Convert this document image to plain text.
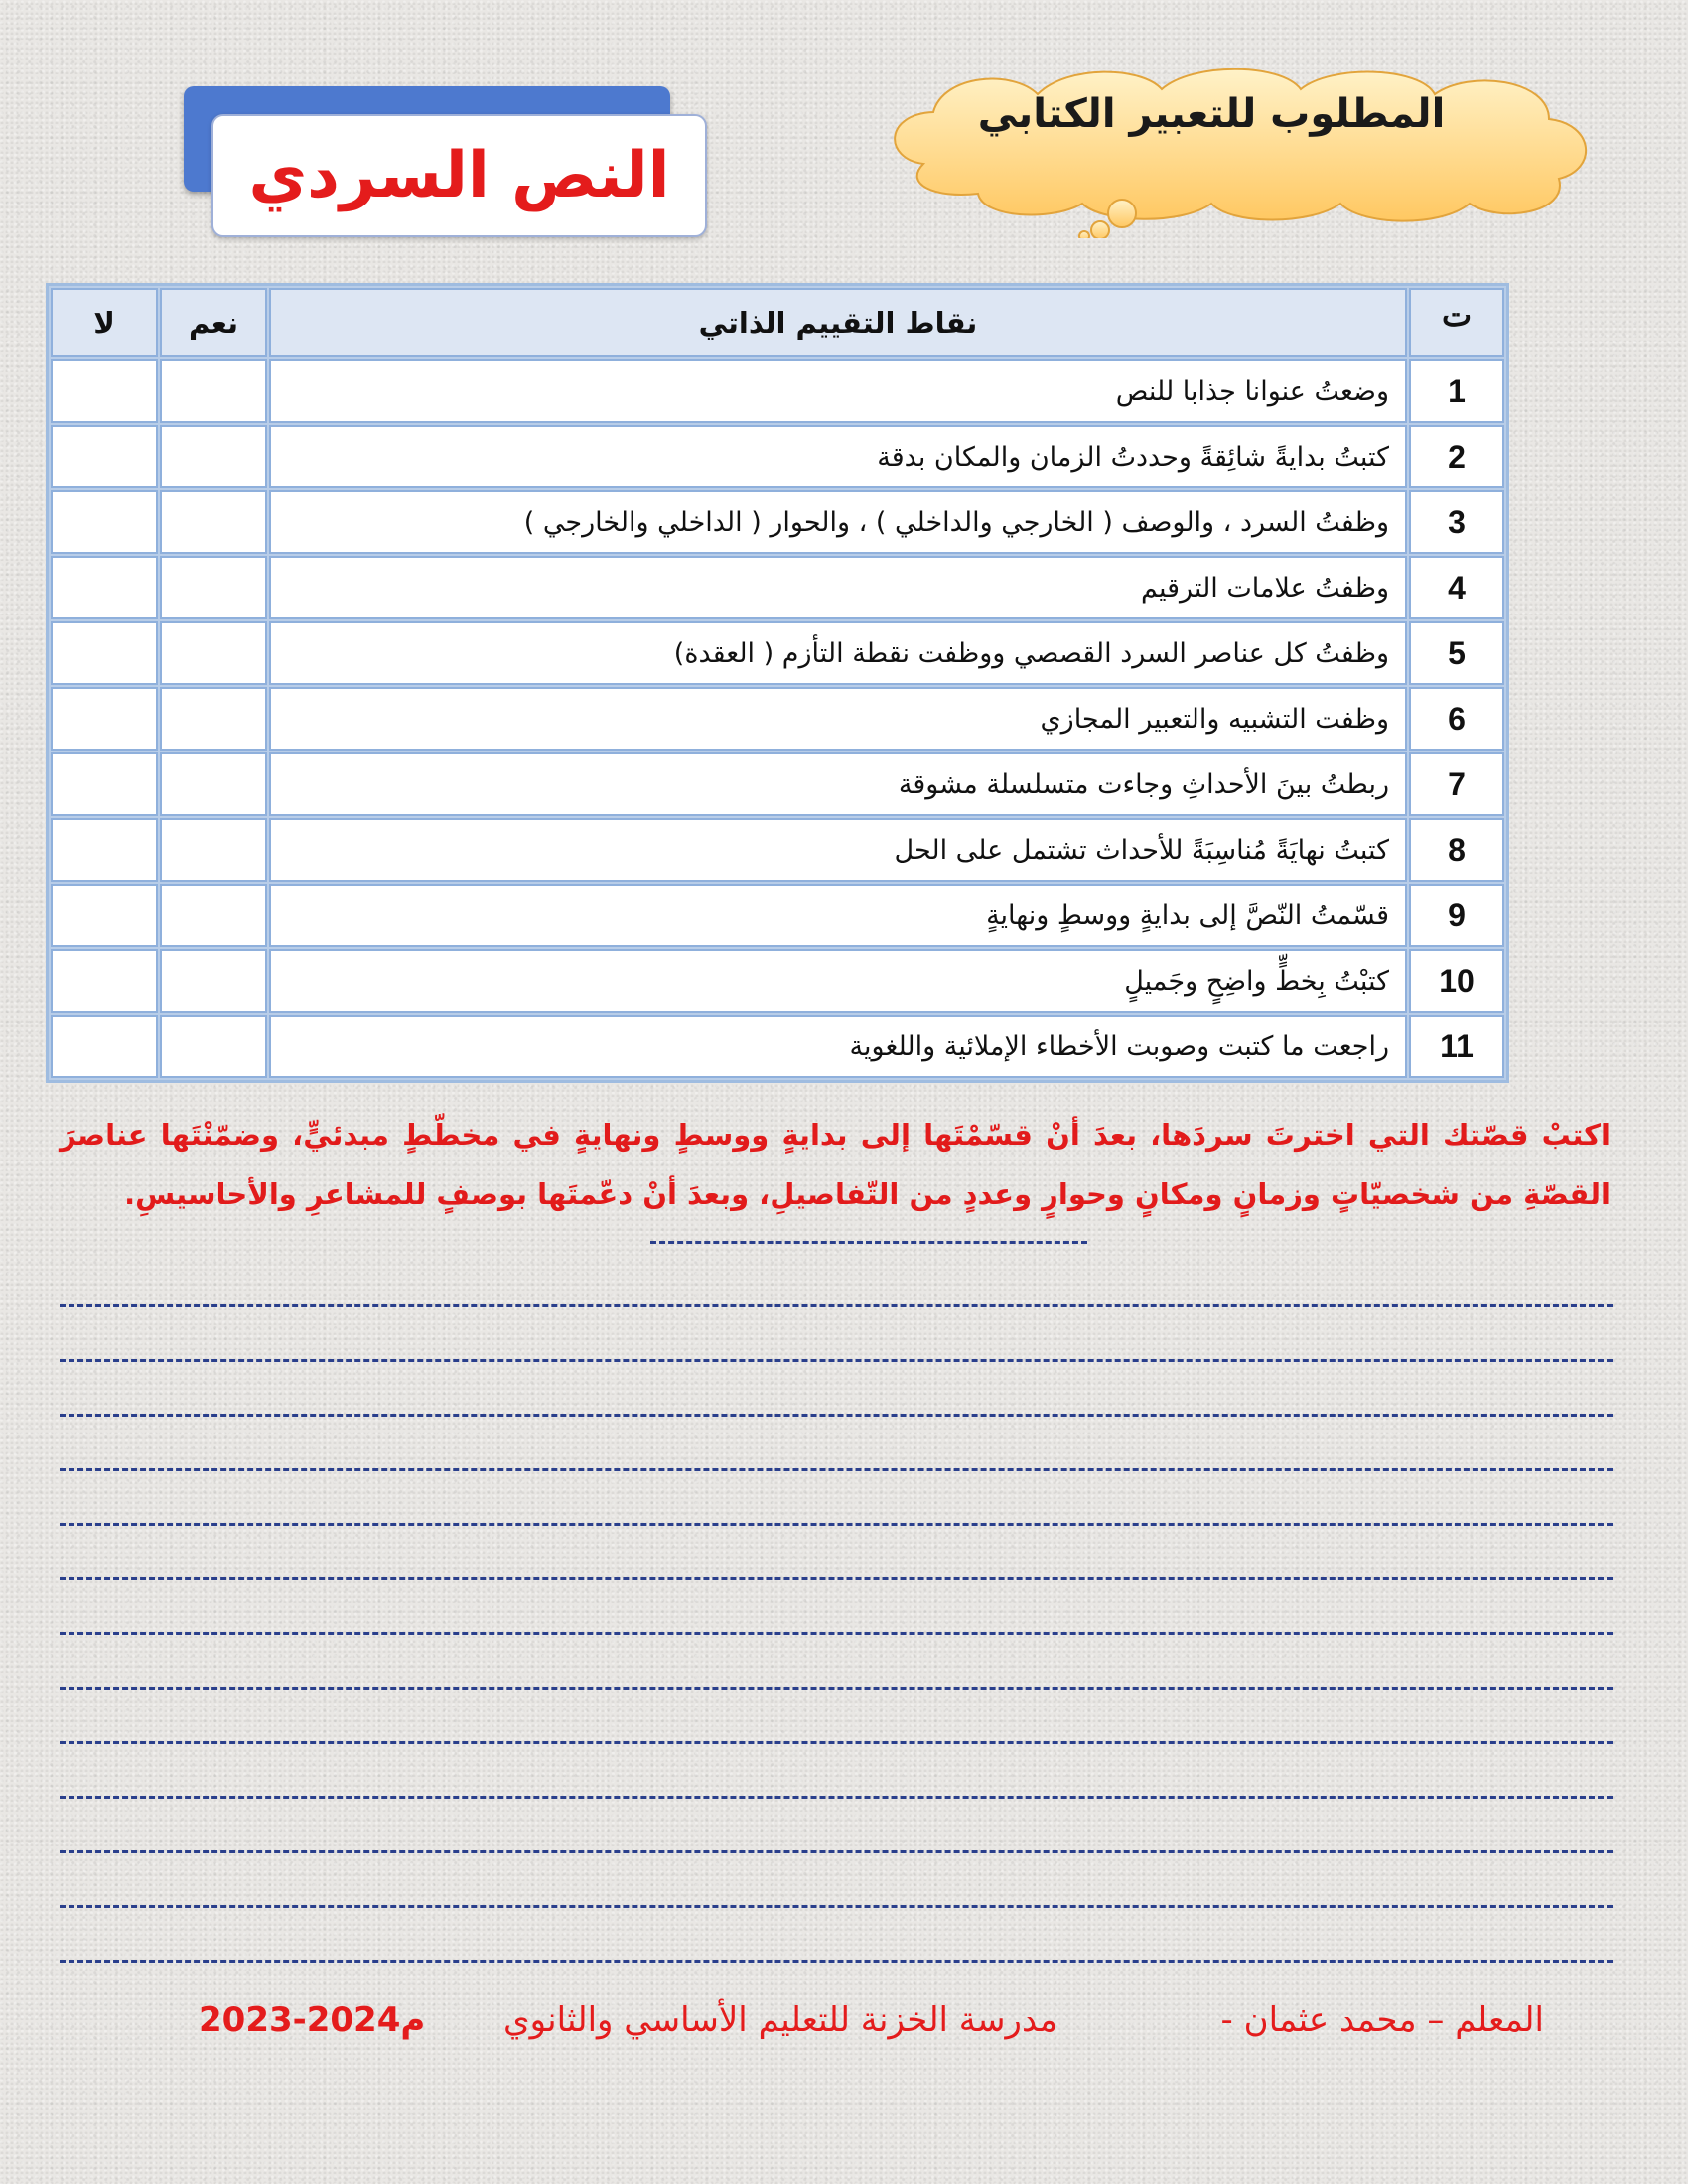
المطلوب للتعبير الكتابي
النص السردي
ت	نقاط التقييم الذاتي	نعم	لا
1	وضعتُ عنوانا جذابا للنص		
2	كتبتُ بدايةً شائِقةً وحددتُ الزمان والمكان بدقة		
3	وظفتُ السرد ، والوصف ( الخارجي والداخلي ) ، والحوار ( الداخلي والخارجي )		
4	وظفتُ علامات الترقيم		
5	وظفتُ كل عناصر السرد القصصي ووظفت نقطة التأزم ( العقدة)		
6	وظفت التشبيه والتعبير المجازي		
7	ربطتُ بينَ الأحداثِ وجاءت متسلسلة مشوقة		
8	كتبتُ نهايَةً مُناسِبَةً للأحداث تشتمل على الحل		
9	قسّمتُ النّصَّ إلى بدايةٍ ووسطٍ ونهايةٍ		
10	كتبْتُ بِخطٍّ واضِحٍ وجَميلٍ		
11	راجعت ما كتبت وصوبت الأخطاء الإملائية واللغوية		
اكتبْ قصّتك التي اخترتَ سردَها، بعدَ أنْ قسّمْتَها إلى بدايةٍ ووسطٍ ونهايةٍ في مخطّطٍ مبدئيٍّ، وضمّنْتَها عناصرَ القصّةِ من شخصيّاتٍ وزمانٍ ومكانٍ وحوارٍ وعددٍ من التّفاصيلِ، وبعدَ أنْ دعّمتَها بوصفٍ للمشاعرِ والأحاسيسِ.
المعلم – محمد عثمان -
مدرسة الخزنة للتعليم الأساسي والثانوي
2023-2024م
